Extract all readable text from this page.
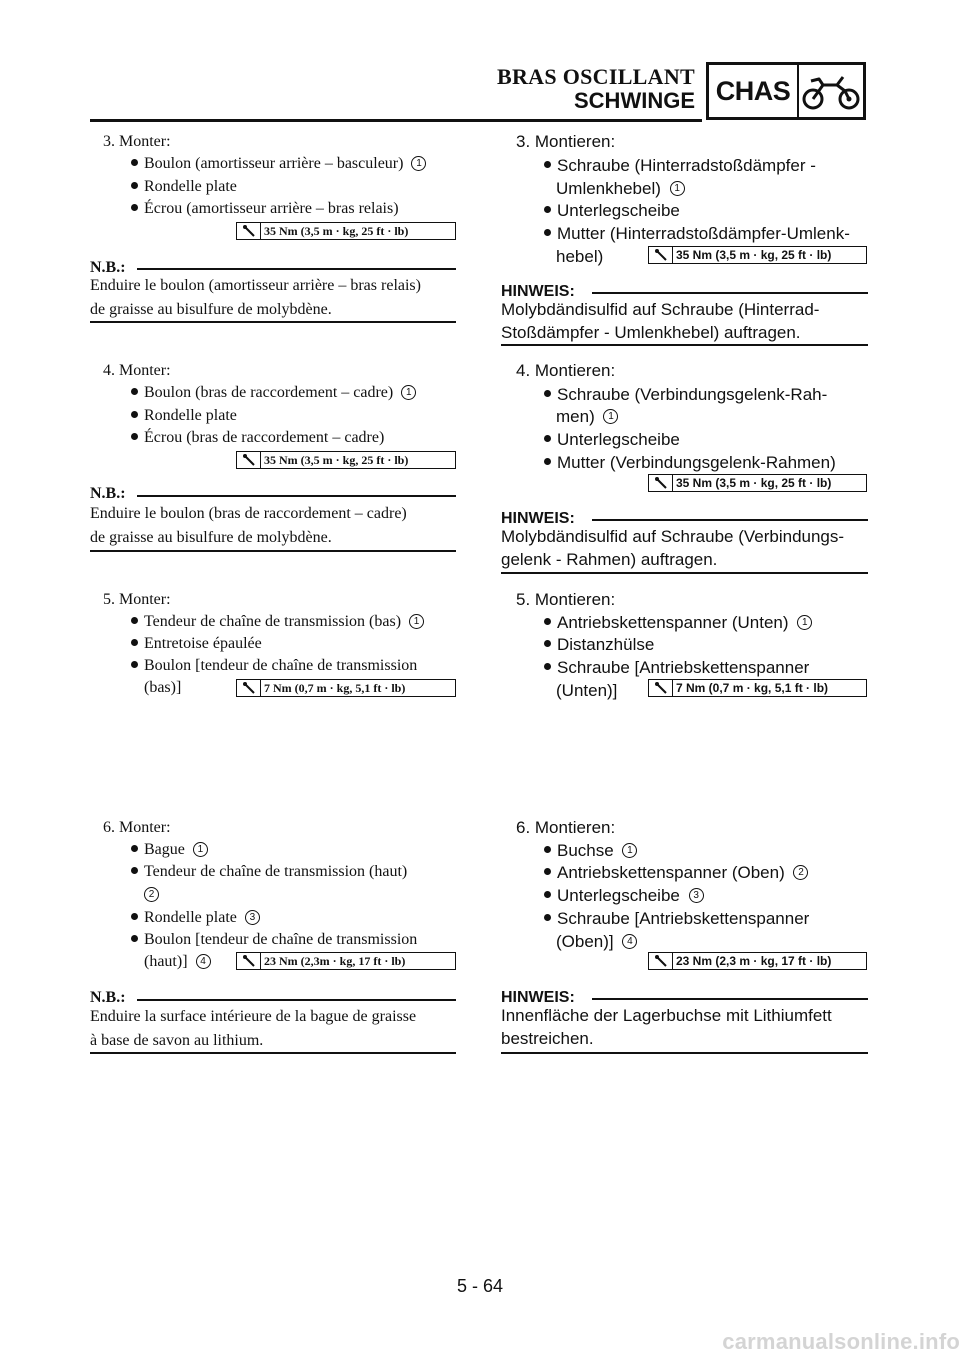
BRAS OSCILLANT
SCHWINGE CHAS
3. Monter:
Boulon (amortisseur arrière – basculeur) 1
Rondelle plate
Écrou (amortisseur arrière – bras relais)
35 Nm (3,5 m · kg, 25 ft · lb)
N.B.:
Enduire le boulon (amortisseur arrière – bras relais)
de graisse au bisulfure de molybdène.
4. Monter:
Boulon (bras de raccordement – cadre) 1
Rondelle plate
Écrou (bras de raccordement – cadre)
35 Nm (3,5 m · kg, 25 ft · lb)
N.B.:
Enduire le boulon (bras de raccordement – cadre)
de graisse au bisulfure de molybdène.
5. Monter:
Tendeur de chaîne de transmission (bas) 1
Entretoise épaulée
Boulon [tendeur de chaîne de transmission
(bas)]	7 Nm (0,7 m · kg, 5,1 ft · lb)
6. Monter:
Bague 1
Tendeur de chaîne de transmission (haut)
2
Rondelle plate 3
Boulon [tendeur de chaîne de transmission
(haut)] 4	23 Nm (2,3m · kg, 17 ft · lb)
N.B.:
Enduire la surface intérieure de la bague de graisse
à base de savon au lithium.
3. Montieren:
Schraube (Hinterradstoßdämpfer -
Umlenkhebel) 1
Unterlegscheibe
Mutter (Hinterradstoßdämpfer-Umlenk-
hebel)	35 Nm (3,5 m · kg, 25 ft · lb)
HINWEIS:
Molybdändisulfid auf Schraube (Hinterrad-
Stoßdämpfer - Umlenkhebel) auftragen.
4. Montieren:
Schraube (Verbindungsgelenk-Rah-
men) 1
Unterlegscheibe
Mutter (Verbindungsgelenk-Rahmen)
35 Nm (3,5 m · kg, 25 ft · lb)
HINWEIS:
Molybdändisulfid auf Schraube (Verbindungs-
gelenk - Rahmen) auftragen.
5. Montieren:
Antriebskettenspanner (Unten) 1
Distanzhülse
Schraube [Antriebskettenspanner
(Unten)]	7 Nm (0,7 m · kg, 5,1 ft · lb)
6. Montieren:
Buchse 1
Antriebskettenspanner (Oben) 2
Unterlegscheibe 3
Schraube [Antriebskettenspanner
(Oben)] 4
23 Nm (2,3 m · kg, 17 ft · lb)
HINWEIS:
Innenfläche der Lagerbuchse mit Lithiumfett
bestreichen.
5 - 64
carmanualsonline.info
